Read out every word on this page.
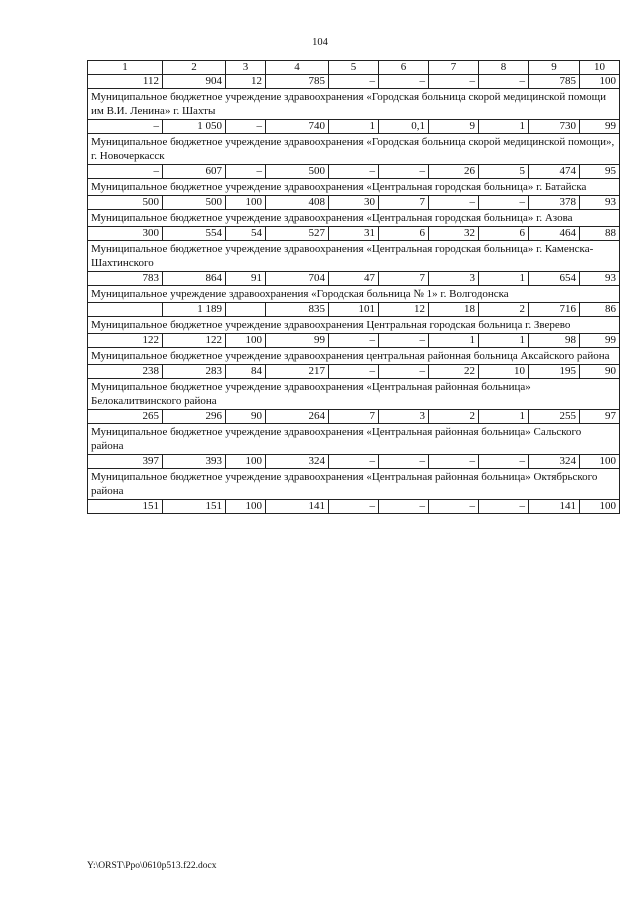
104
1	2	3	4	5	6	7	8	9	10
112	904	12	785	–	–	–	–	785	100
Муниципальное бюджетное учреждение здравоохранения «Городская больница скорой медицинской помощи им В.И. Ленина» г. Шахты									
–	1 050	–	740	1	0,1	9	1	730	99
Муниципальное бюджетное учреждение здравоохранения «Городская больница скорой медицинской помощи», г. Новочеркасск									
–	607	–	500	–	–	26	5	474	95
Муниципальное бюджетное учреждение здравоохранения «Центральная городская больница» г. Батайска									
500	500	100	408	30	7	–	–	378	93
Муниципальное бюджетное учреждение здравоохранения «Центральная городская больница» г. Азова									
300	554	54	527	31	6	32	6	464	88
Муниципальное бюджетное учреждение здравоохранения «Центральная городская больница» г. Каменска-Шахтинского									
783	864	91	704	47	7	3	1	654	93
Муниципальное учреждение здравоохранения «Городская больница № 1» г. Волгодонска									
	1 189		835	101	12	18	2	716	86
Муниципальное бюджетное учреждение здравоохранения Центральная городская больница г. Зверево									
122	122	100	99	–	–	1	1	98	99
Муниципальное бюджетное учреждение здравоохранения центральная районная больница Аксайского района									
238	283	84	217	–	–	22	10	195	90
Муниципальное бюджетное учреждение здравоохранения «Центральная районная больница» Белокалитвинского района									
265	296	90	264	7	3	2	1	255	97
Муниципальное бюджетное учреждение здравоохранения «Центральная районная больница» Сальского района									
397	393	100	324	–	–	–	–	324	100
Муниципальное бюджетное учреждение здравоохранения «Центральная районная больница» Октябрьского района									
151	151	100	141	–	–	–	–	141	100
Y:\ORST\Ppo\0610p513.f22.docx
